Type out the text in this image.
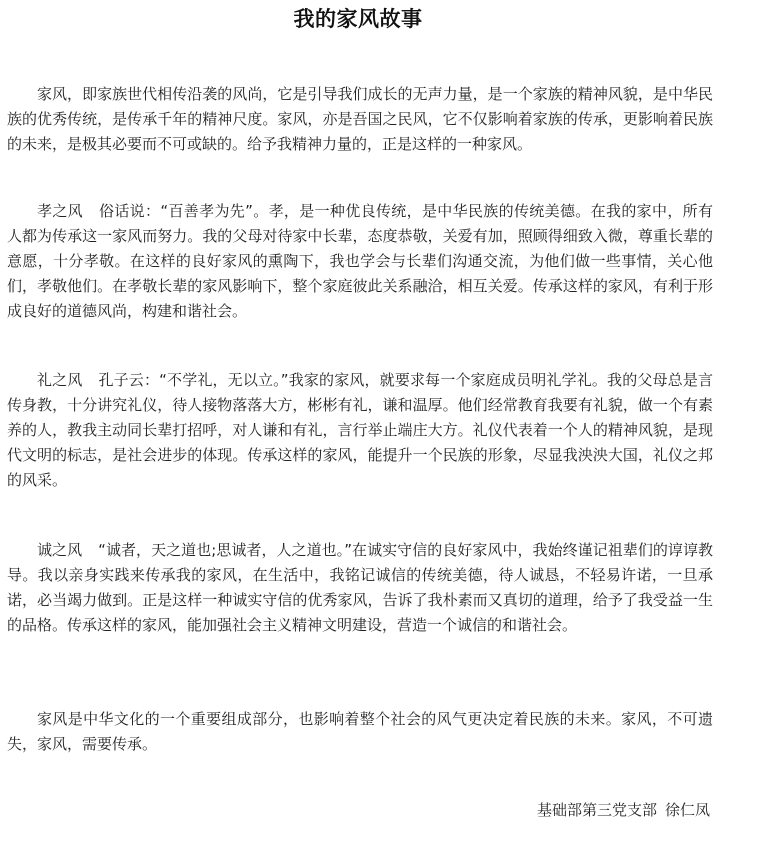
我的家风故事

家风，即家族世代相传沿袭的风尚，它是引导我们成长的无声力量，是一个家族的精神风貌，是中华民族的优秀传统，是传承千年的精神尺度。家风，亦是吾国之民风，它不仅影响着家族的传承，更影响着民族的未来，是极其必要而不可或缺的。给予我精神力量的，正是这样的一种家风。

孝之风 俗话说：“百善孝为先”。孝，是一种优良传统，是中华民族的传统美德。在我的家中，所有人都为传承这一家风而努力。我的父母对待家中长辈，态度恭敬，关爱有加，照顾得细致入微，尊重长辈的意愿，十分孝敬。在这样的良好家风的熏陶下，我也学会与长辈们沟通交流，为他们做一些事情，关心他们，孝敬他们。在孝敬长辈的家风影响下，整个家庭彼此关系融洽，相互关爱。传承这样的家风，有利于形成良好的道德风尚，构建和谐社会。

礼之风 孔子云：“不学礼，无以立。”我家的家风，就要求每一个家庭成员明礼学礼。我的父母总是言传身教，十分讲究礼仪，待人接物落落大方，彬彬有礼，谦和温厚。他们经常教育我要有礼貌，做一个有素养的人，教我主动同长辈打招呼，对人谦和有礼，言行举止端庄大方。礼仪代表着一个人的精神风貌，是现代文明的标志，是社会进步的体现。传承这样的家风，能提升一个民族的形象，尽显我泱泱大国，礼仪之邦的风采。

诚之风 “诚者，天之道也;思诚者，人之道也。”在诚实守信的良好家风中，我始终谨记祖辈们的谆谆教导。我以亲身实践来传承我的家风，在生活中，我铭记诚信的传统美德，待人诚恳，不轻易许诺，一旦承诺，必当竭力做到。正是这样一种诚实守信的优秀家风，告诉了我朴素而又真切的道理，给予了我受益一生的品格。传承这样的家风，能加强社会主义精神文明建设，营造一个诚信的和谐社会。

家风是中华文化的一个重要组成部分，也影响着整个社会的风气更决定着民族的未来。家风，不可遗失，家风，需要传承。

基础部第三党支部 徐仁凤
